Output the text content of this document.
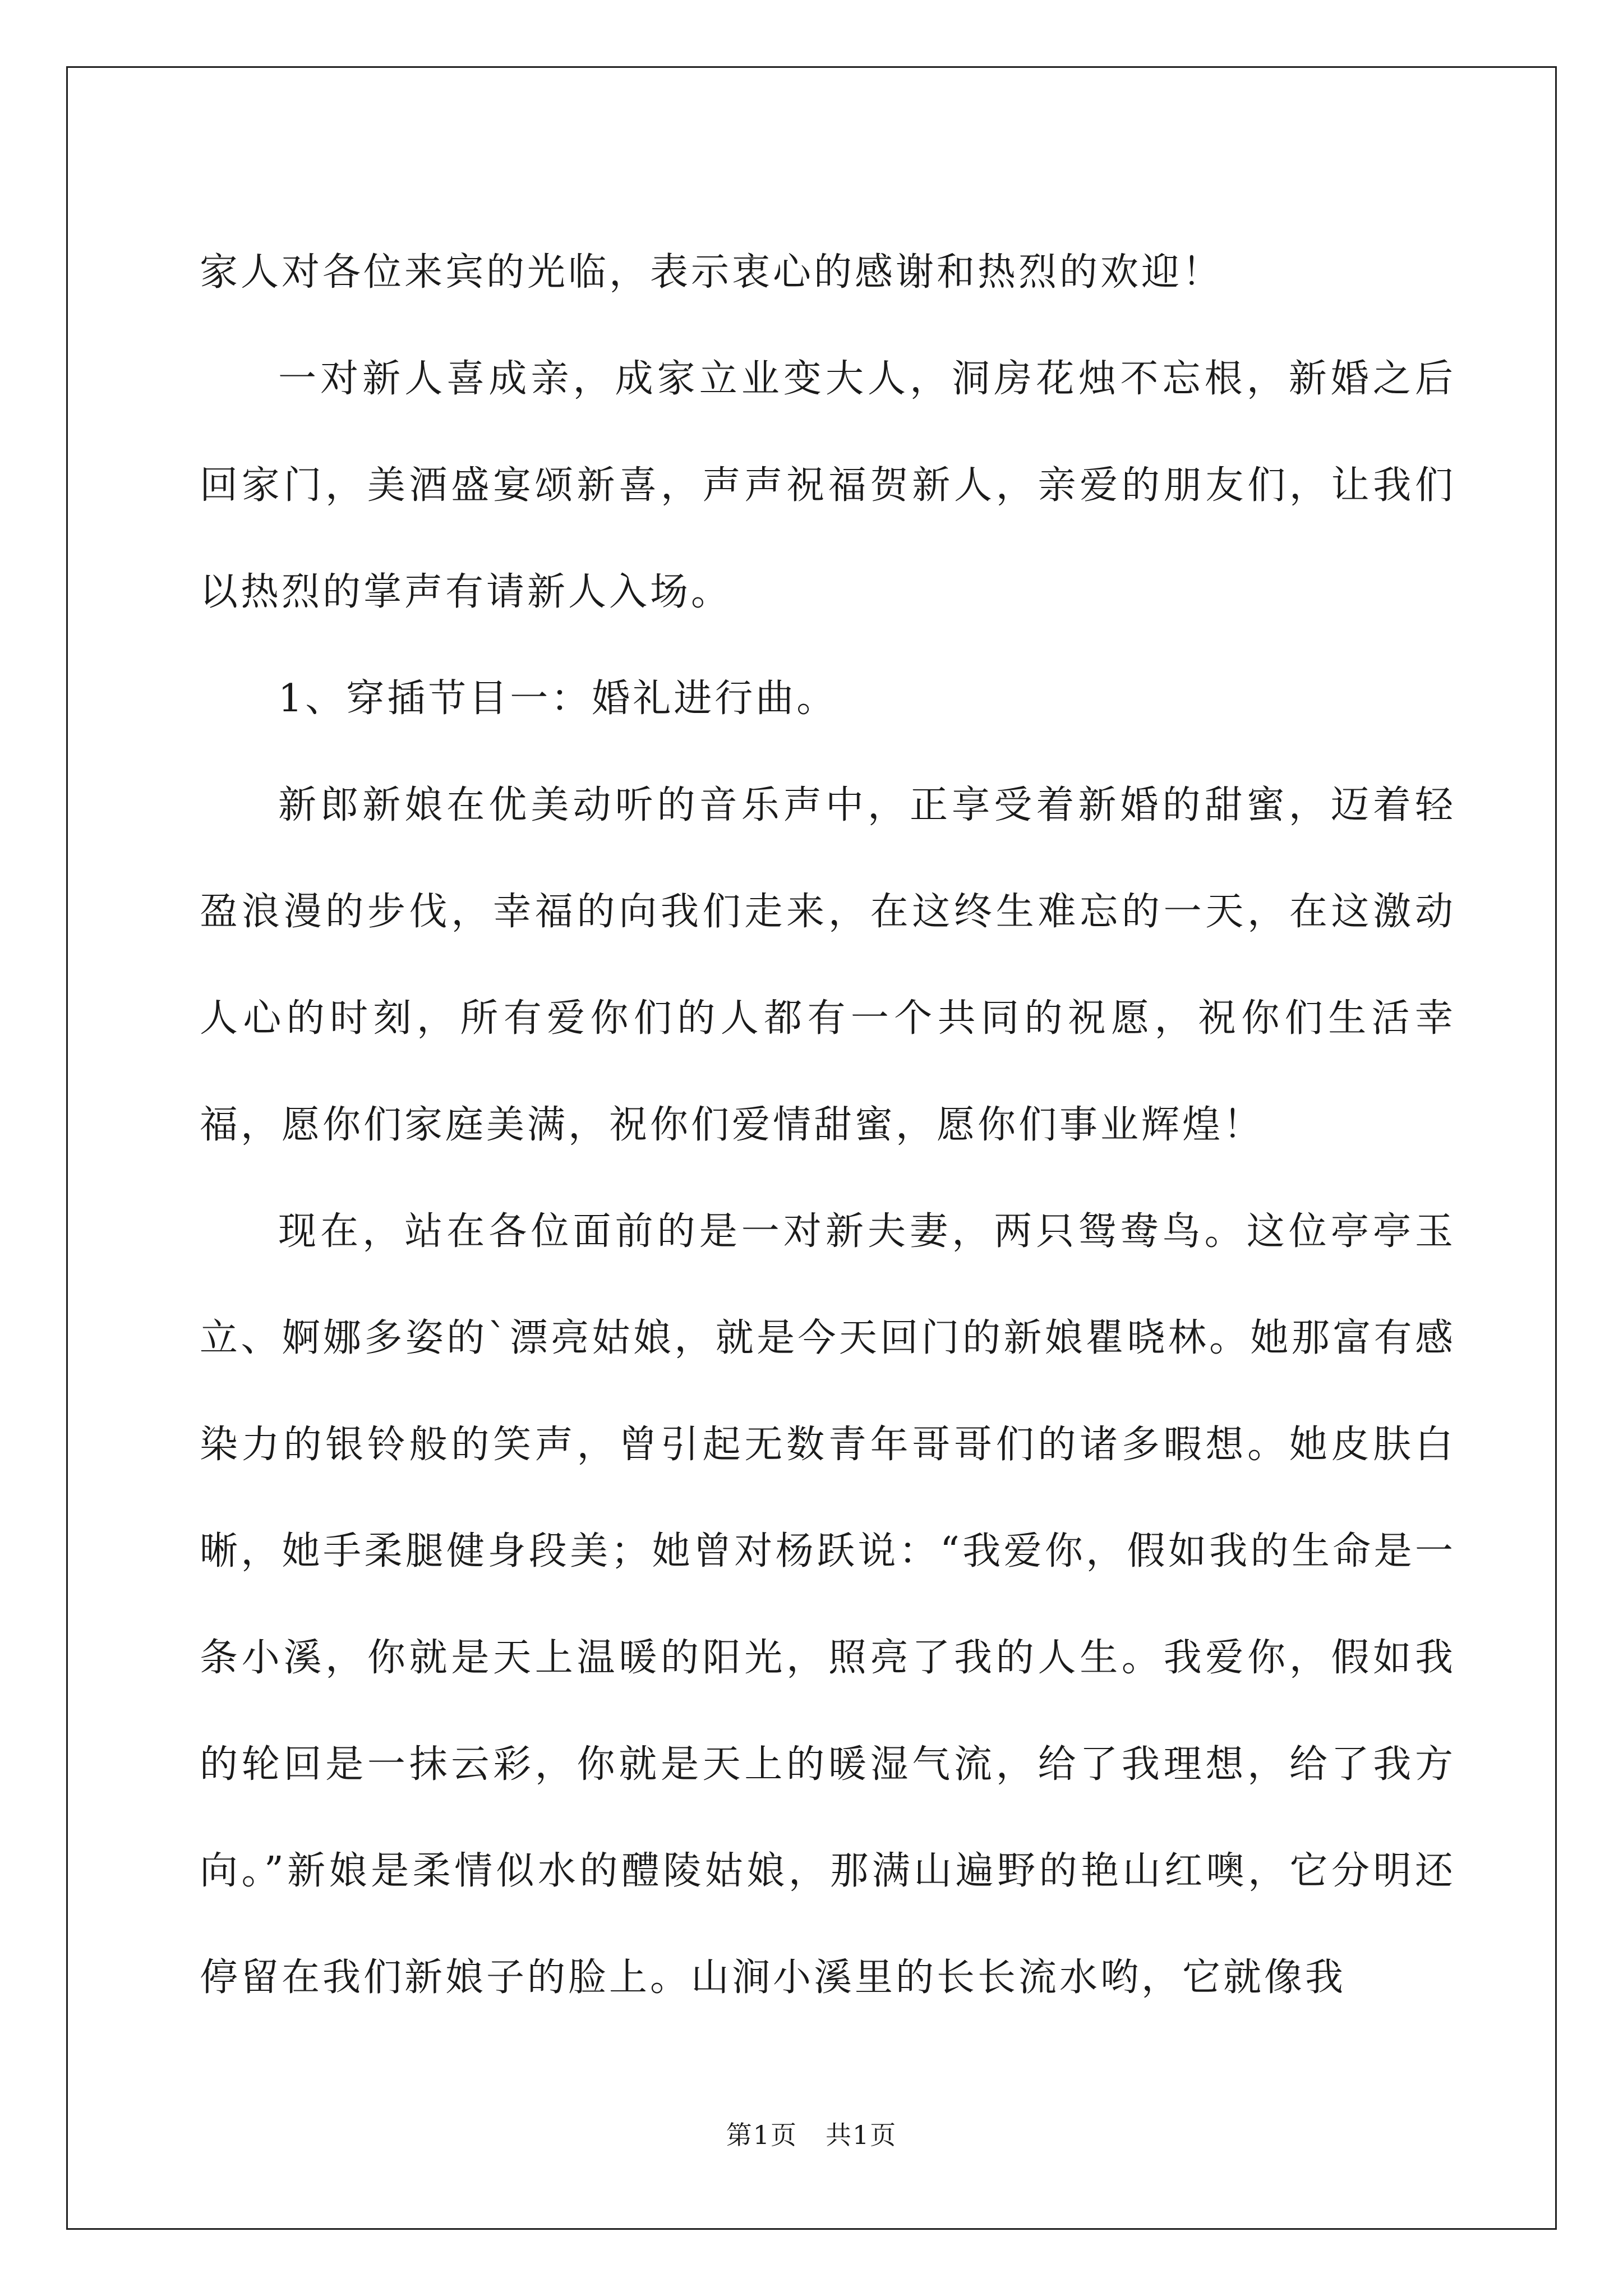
家人对各位来宾的光临，表示衷心的感谢和热烈的欢迎！

一对新人喜成亲，成家立业变大人，洞房花烛不忘根，新婚之后回家门，美酒盛宴颂新喜，声声祝福贺新人，亲爱的朋友们，让我们以热烈的掌声有请新人入场。

1、穿插节目一：婚礼进行曲。

新郎新娘在优美动听的音乐声中，正享受着新婚的甜蜜，迈着轻盈浪漫的步伐，幸福的向我们走来，在这终生难忘的一天，在这激动人心的时刻，所有爱你们的人都有一个共同的祝愿，祝你们生活幸福，愿你们家庭美满，祝你们爱情甜蜜，愿你们事业辉煌！

现在，站在各位面前的是一对新夫妻，两只鸳鸯鸟。这位亭亭玉立、婀娜多姿的`漂亮姑娘，就是今天回门的新娘瞿晓林。她那富有感染力的银铃般的笑声，曾引起无数青年哥哥们的诸多暇想。她皮肤白晰，她手柔腿健身段美；她曾对杨跃说：“我爱你，假如我的生命是一条小溪，你就是天上温暖的阳光，照亮了我的人生。我爱你，假如我的轮回是一抹云彩，你就是天上的暖湿气流，给了我理想，给了我方向。”新娘是柔情似水的醴陵姑娘，那满山遍野的艳山红噢，它分明还停留在我们新娘子的脸上。山涧小溪里的长长流水哟，它就像我

第1页 共1页
